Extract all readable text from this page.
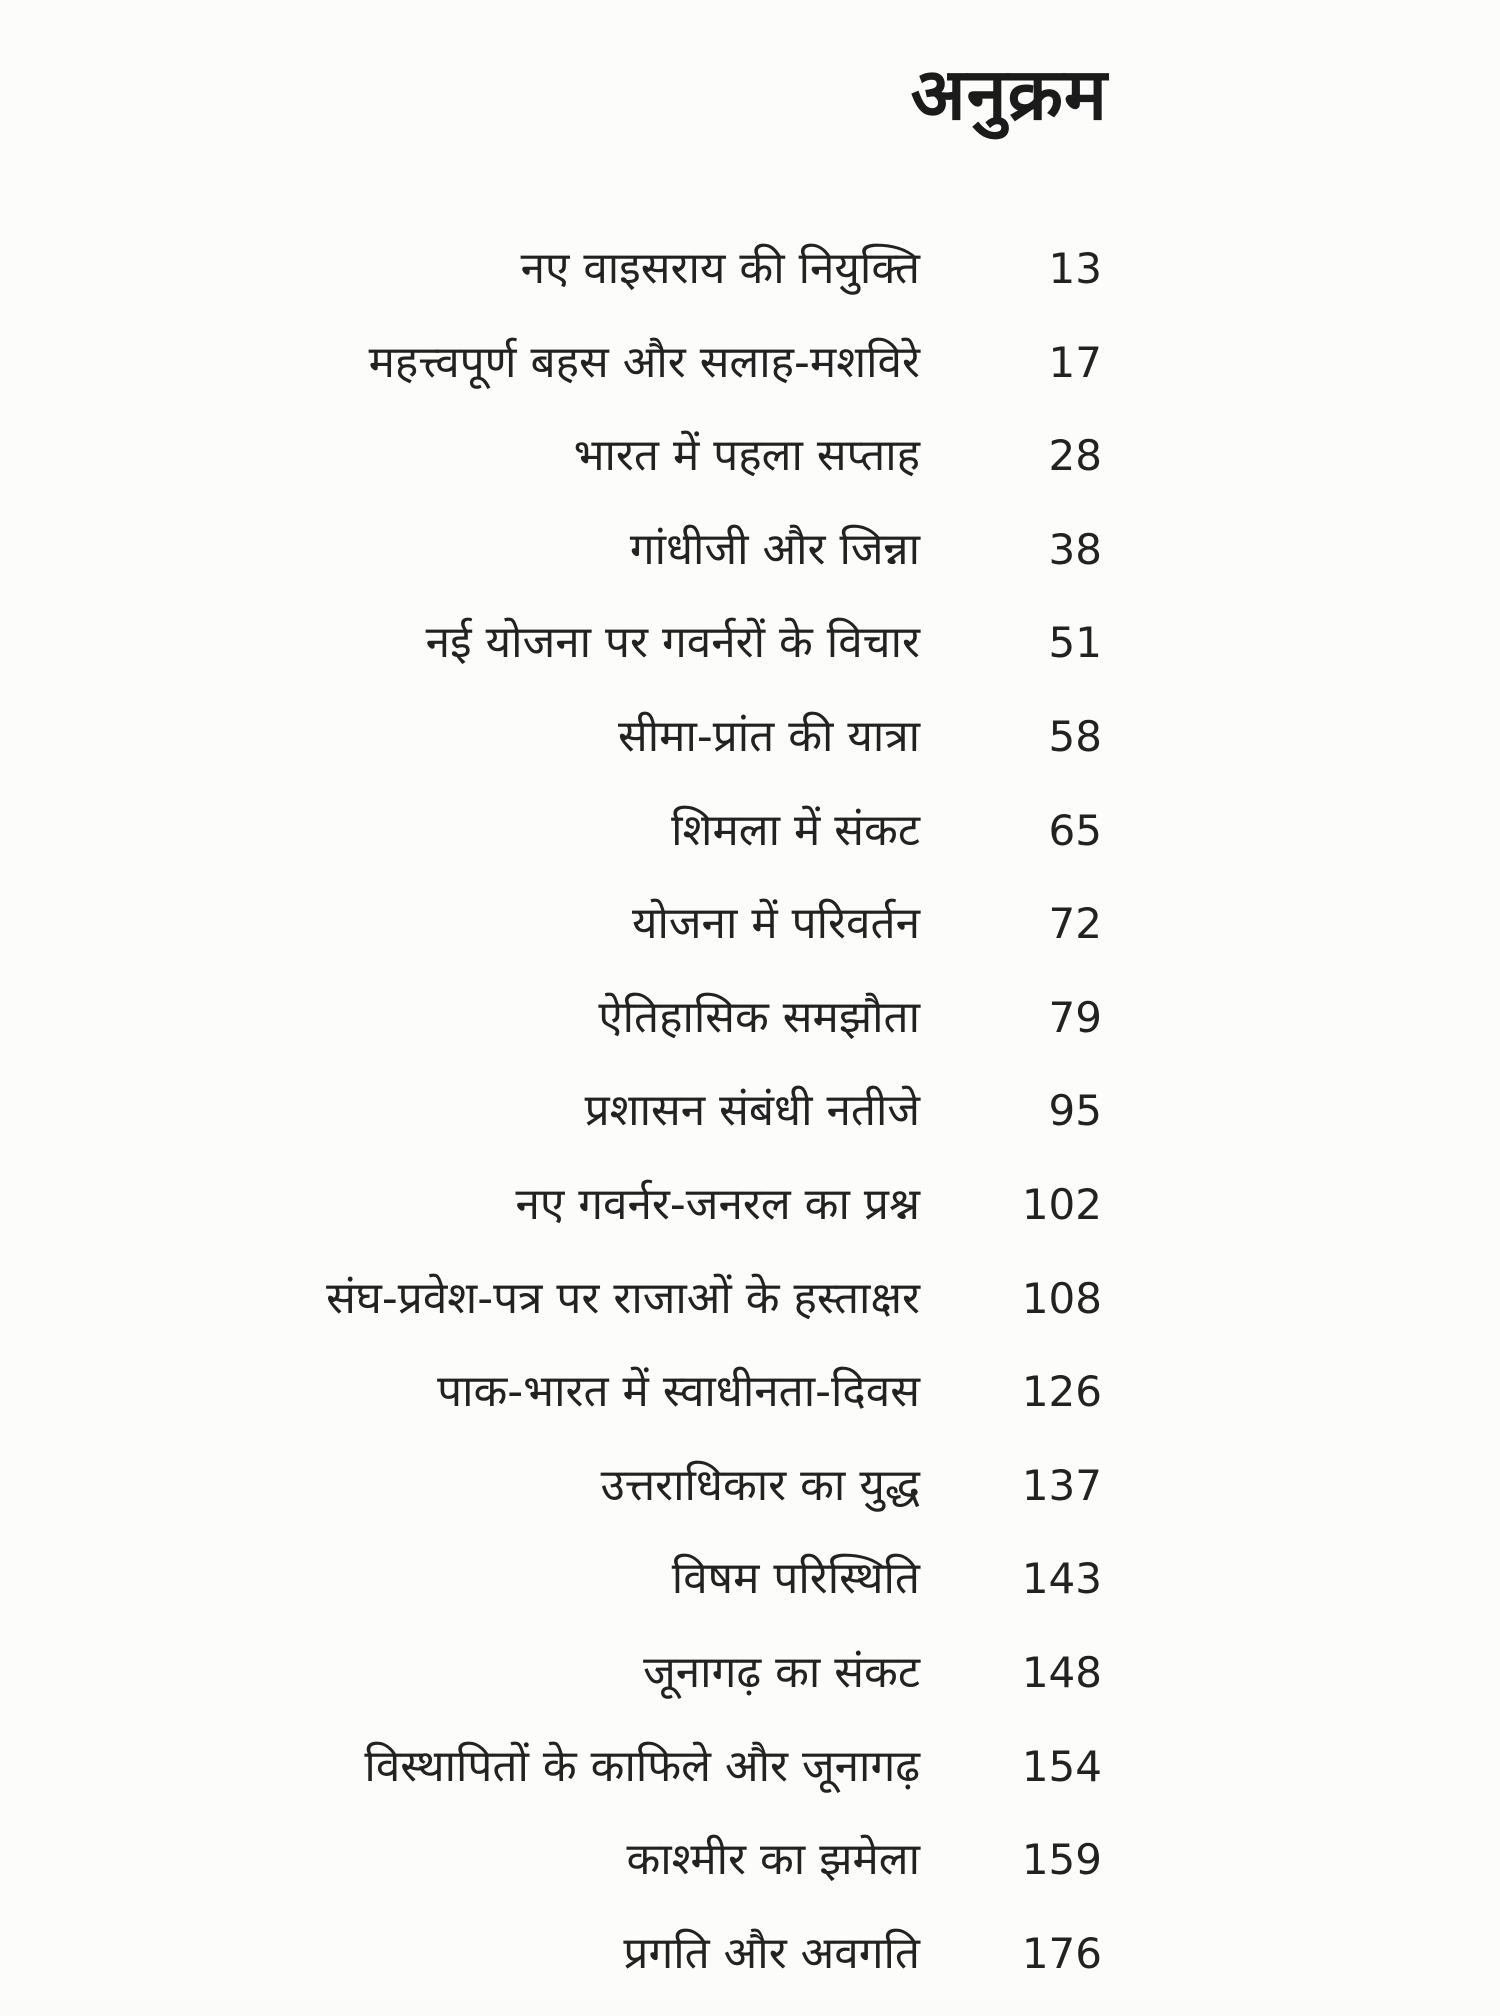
अनुक्रम
नए वाइसराय की नियुक्ति	13
महत्त्वपूर्ण बहस और सलाह-मशविरे	17
भारत में पहला सप्ताह	28
गांधीजी और जिन्ना	38
नई योजना पर गवर्नरों के विचार	51
सीमा-प्रांत की यात्रा	58
शिमला में संकट	65
योजना में परिवर्तन	72
ऐतिहासिक समझौता	79
प्रशासन संबंधी नतीजे	95
नए गवर्नर-जनरल का प्रश्न 102
संघ-प्रवेश-पत्र पर राजाओं के हस्ताक्षर 108
पाक-भारत में स्वाधीनता-दिवस 126
उत्तराधिकार का युद्ध 137
विषम परिस्थिति 143
जूनागढ़ का संकट 148
विस्थापितों के काफिले और जूनागढ़ 154
काश्मीर का झमेला 159
प्रगति और अवगति 176
